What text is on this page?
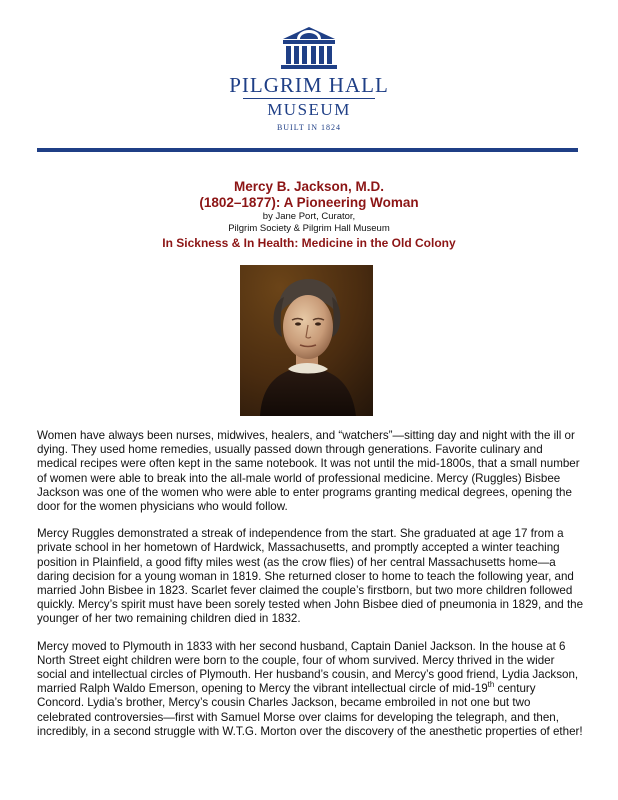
PILGRIM HALL
MUSEUM
BUILT IN 1824
Mercy B. Jackson, M.D.
(1802–1877): A Pioneering Woman
by Jane Port, Curator,
Pilgrim Society & Pilgrim Hall Museum
In Sickness & In Health: Medicine in the Old Colony

Women have always been nurses, midwives, healers, and “watchers”—sitting day and night with the ill or dying. They used home remedies, usually passed down through generations. Favorite culinary and medical recipes were often kept in the same notebook. It was not until the mid-1800s, that a small number of women were able to break into the all-male world of professional medicine. Mercy (Ruggles) Bisbee Jackson was one of the women who were able to enter programs granting medical degrees, opening the door for the women physicians who would follow.

Mercy Ruggles demonstrated a streak of independence from the start. She graduated at age 17 from a private school in her hometown of Hardwick, Massachusetts, and promptly accepted a winter teaching position in Plainfield, a good fifty miles west (as the crow flies) of her central Massachusetts home—a daring decision for a young woman in 1819. She returned closer to home to teach the following year, and married John Bisbee in 1823. Scarlet fever claimed the couple’s firstborn, but two more children followed quickly. Mercy’s spirit must have been sorely tested when John Bisbee died of pneumonia in 1829, and the younger of her two remaining children died in 1832.

Mercy moved to Plymouth in 1833 with her second husband, Captain Daniel Jackson. In the house at 6 North Street eight children were born to the couple, four of whom survived. Mercy thrived in the wider social and intellectual circles of Plymouth. Her husband’s cousin, and Mercy’s good friend, Lydia Jackson, married Ralph Waldo Emerson, opening to Mercy the vibrant intellectual circle of mid-19th century Concord. Lydia’s brother, Mercy’s cousin Charles Jackson, became embroiled in not one but two celebrated controversies—first with Samuel Morse over claims for developing the telegraph, and then, incredibly, in a second struggle with W.T.G. Morton over the discovery of the anesthetic properties of ether!
